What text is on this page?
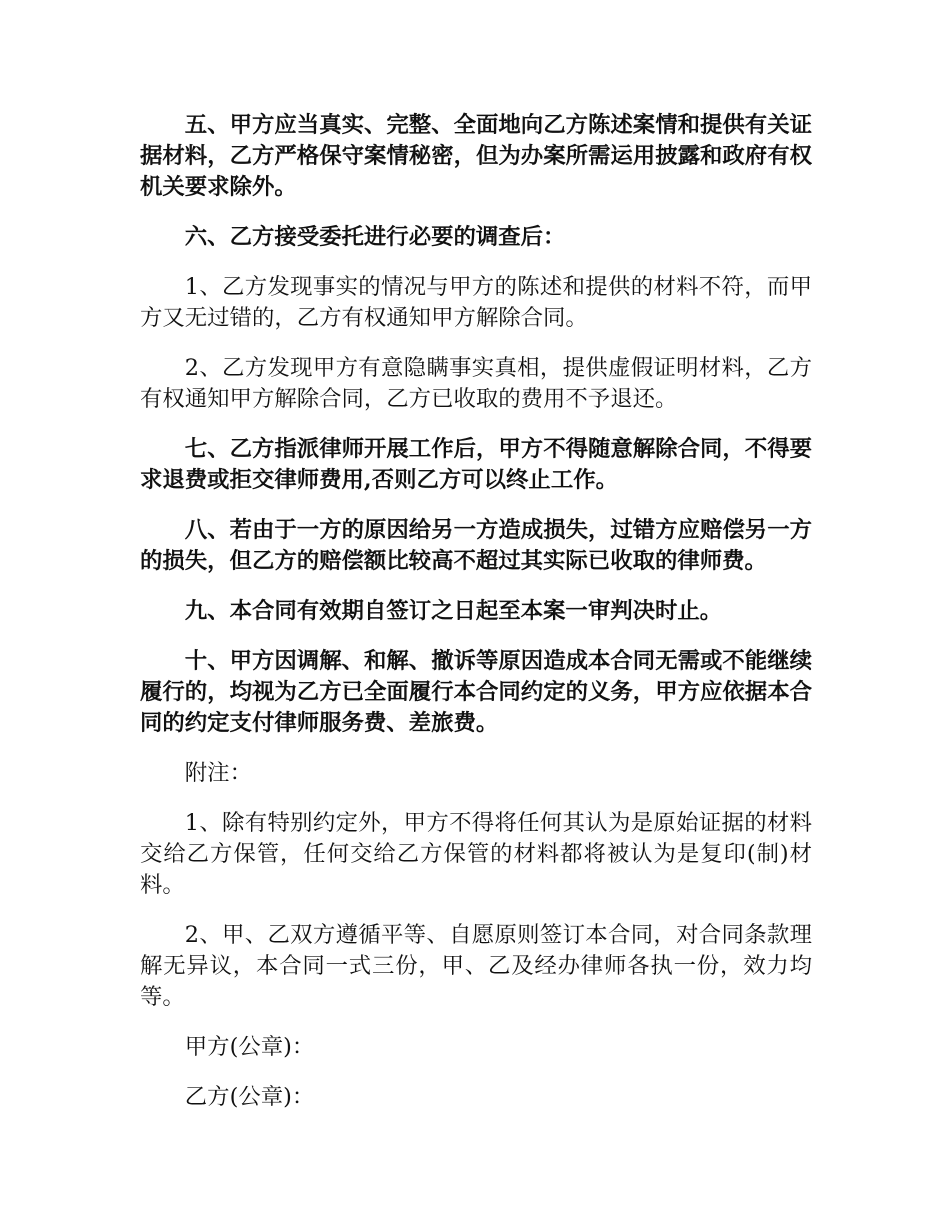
五、甲方应当真实、完整、全面地向乙方陈述案情和提供有关证据材料，乙方严格保守案情秘密，但为办案所需运用披露和政府有权机关要求除外。

六、乙方接受委托进行必要的调查后：

1、乙方发现事实的情况与甲方的陈述和提供的材料不符，而甲方又无过错的，乙方有权通知甲方解除合同。

2、乙方发现甲方有意隐瞒事实真相，提供虚假证明材料，乙方有权通知甲方解除合同，乙方已收取的费用不予退还。

七、乙方指派律师开展工作后，甲方不得随意解除合同，不得要求退费或拒交律师费用,否则乙方可以终止工作。

八、若由于一方的原因给另一方造成损失，过错方应赔偿另一方的损失，但乙方的赔偿额比较高不超过其实际已收取的律师费。

九、本合同有效期自签订之日起至本案一审判决时止。

十、甲方因调解、和解、撤诉等原因造成本合同无需或不能继续履行的，均视为乙方已全面履行本合同约定的义务，甲方应依据本合同的约定支付律师服务费、差旅费。

附注：

1、除有特别约定外，甲方不得将任何其认为是原始证据的材料交给乙方保管，任何交给乙方保管的材料都将被认为是复印(制)材料。

2、甲、乙双方遵循平等、自愿原则签订本合同，对合同条款理解无异议，本合同一式三份，甲、乙及经办律师各执一份，效力均等。

甲方(公章)：

乙方(公章)：
